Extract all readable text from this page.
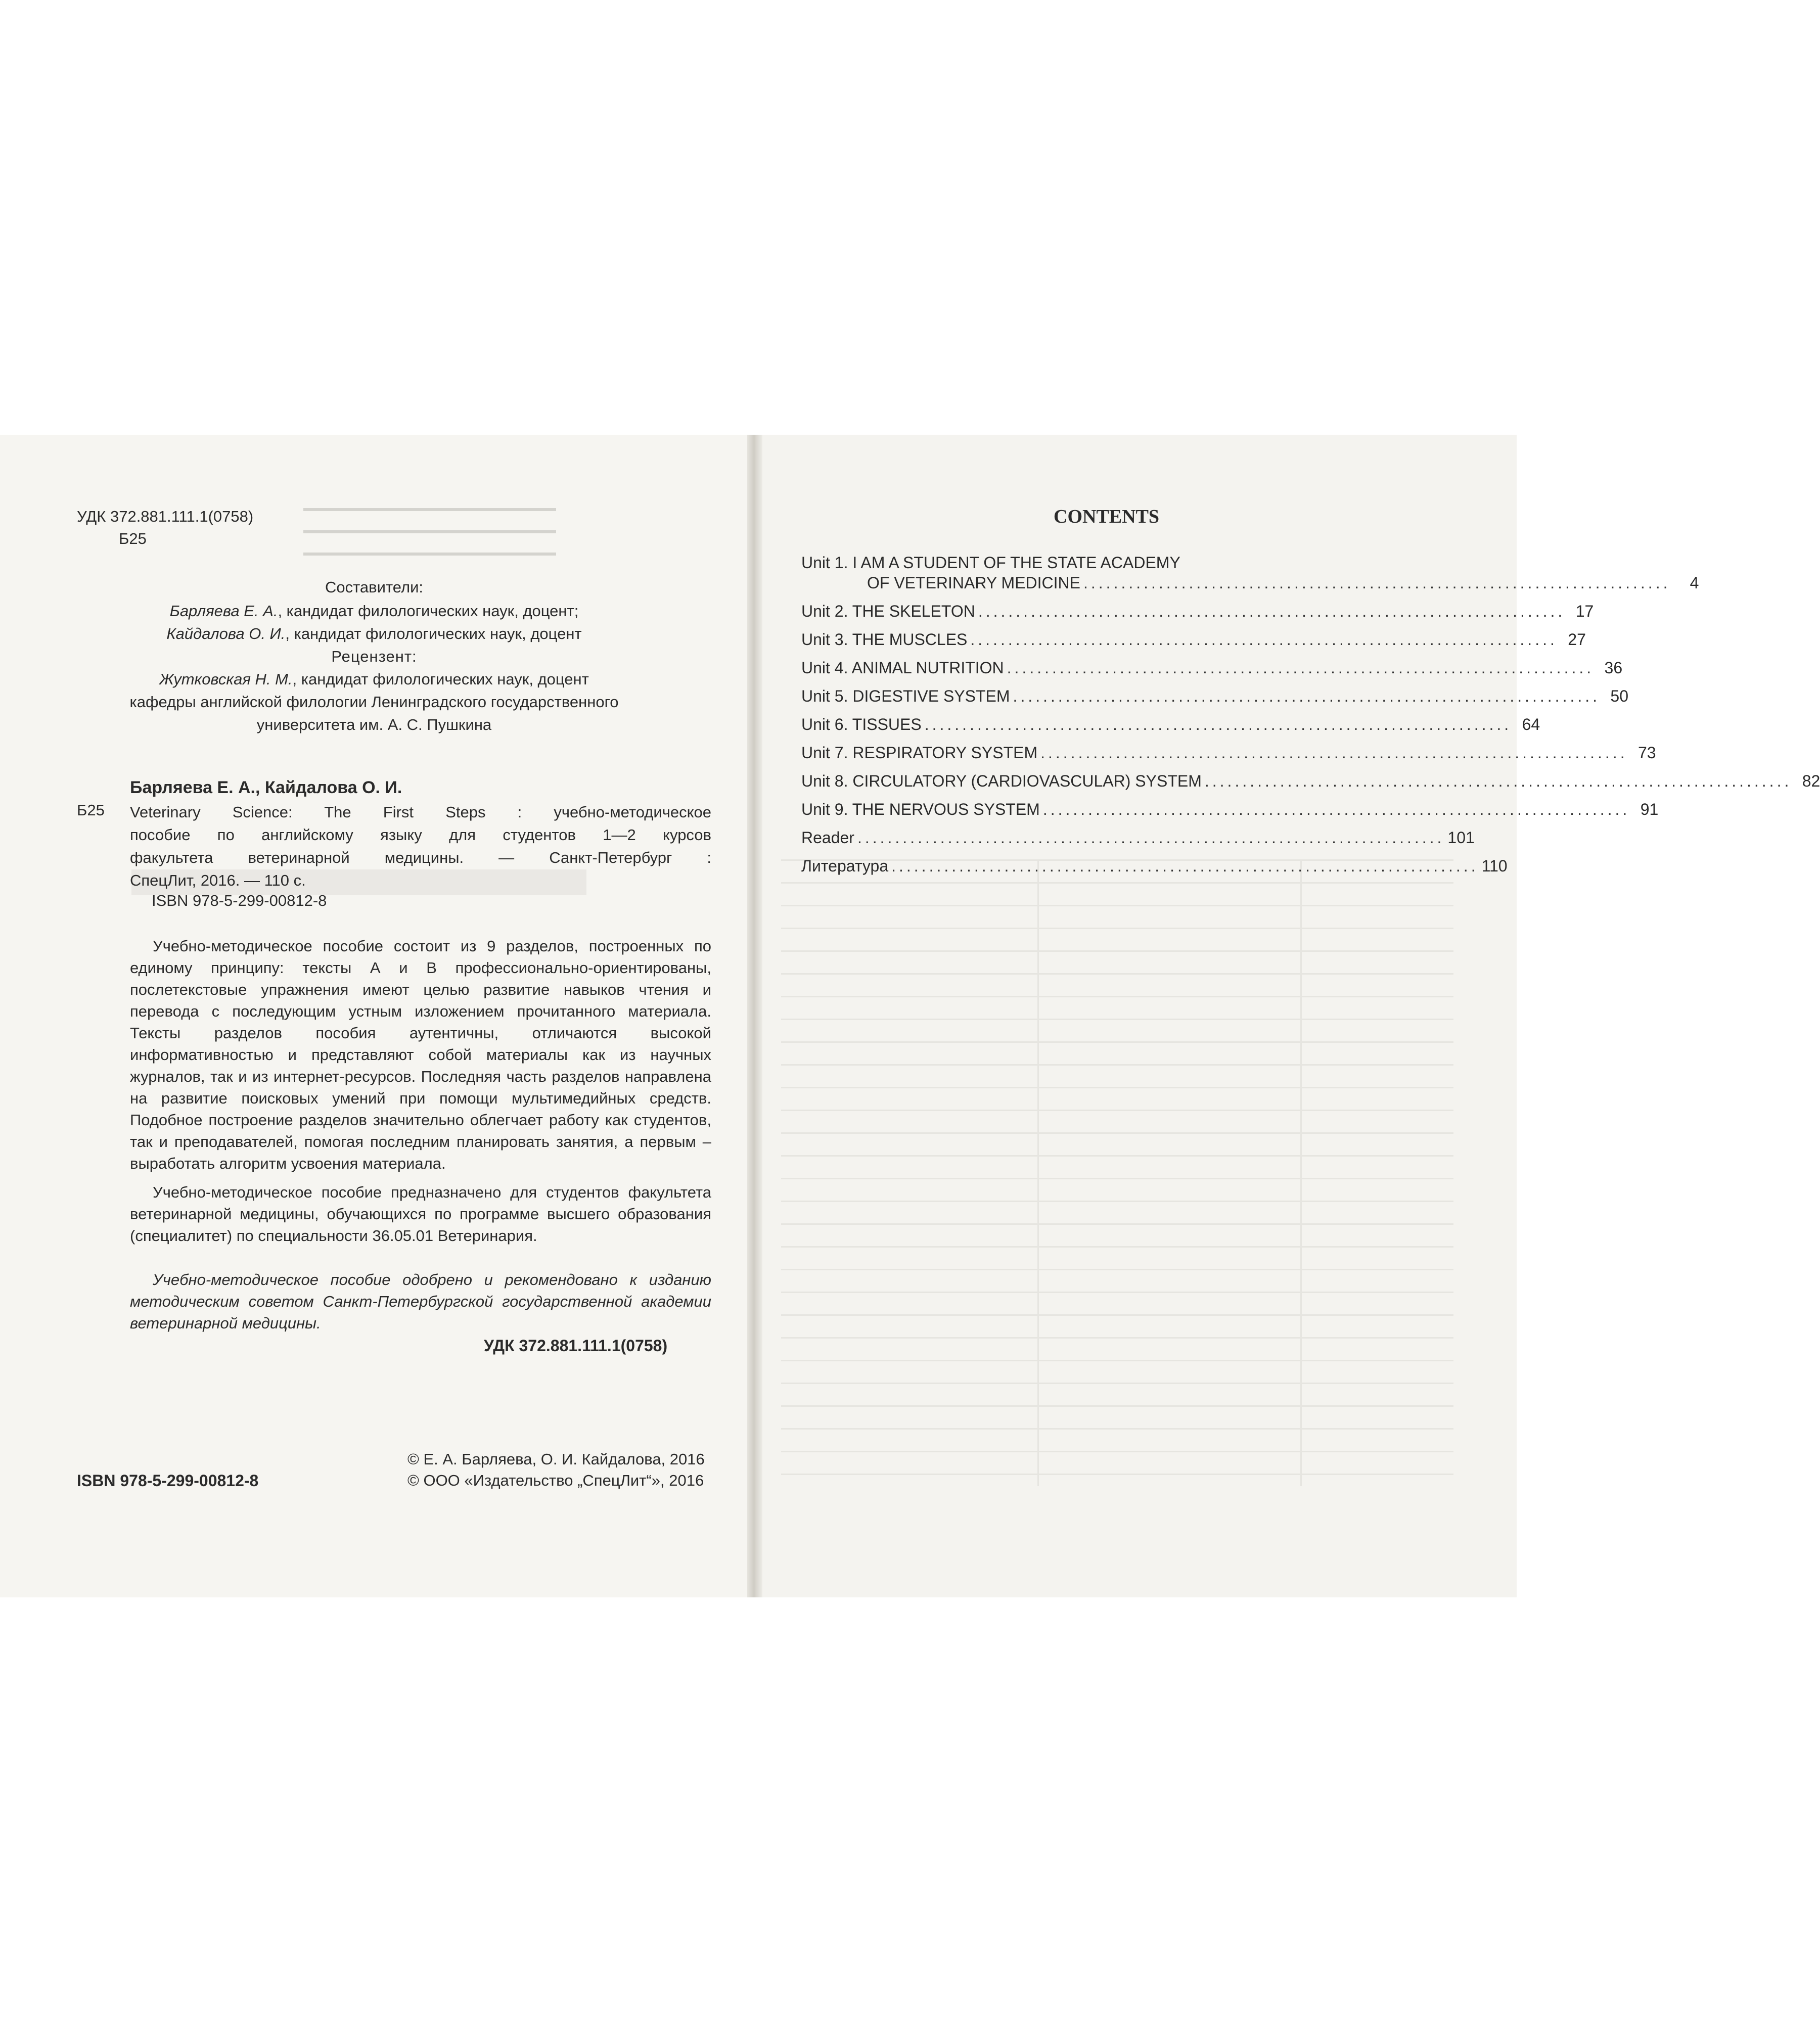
УДК 372.881.111.1(0758)
Б25
Составители:
Барляева Е. А., кандидат филологических наук, доцент;
Кайдалова О. И., кандидат филологических наук, доцент
Рецензент:
Жутковская Н. М., кандидат филологических наук, доцент
кафедры английской филологии Ленинградского государственного
университета им. А. С. Пушкина
Барляева Е. А., Кайдалова О. И.
Б25 Veterinary Science: The First Steps : учебно-методическое

пособие по английскому языку для студентов 1—2 курсов

факультета ветеринарной медицины. — Санкт-Петербург :

СпецЛит, 2016. — 110 с.

ISBN 978-5-299-00812-8

Учебно-методическое пособие состоит из 9 разделов, построенных по единому принципу: тексты А и В профессионально-ориентированы, послетекстовые упражнения имеют целью развитие навыков чтения и перевода с последующим устным изложением прочитанного материала. Тексты разделов пособия аутентичны, отличаются высокой информативностью и представляют собой материалы как из научных журналов, так и из интернет-ресурсов. Последняя часть разделов направлена на развитие поисковых умений при помощи мультимедийных средств. Подобное построение разделов значительно облегчает работу как студентов, так и преподавателей, помогая последним планировать занятия, а первым – выработать алгоритм усвоения материала.

Учебно-методическое пособие предназначено для студентов факультета ветеринарной медицины, обучающихся по программе высшего образования (специалитет) по специальности 36.05.01 Ветеринария.

Учебно-методическое пособие одобрено и рекомендовано к изданию методическим советом Санкт-Петербургской государственной академии ветеринарной медицины.

УДК 372.881.111.1(0758)
ISBN 978-5-299-00812-8
© Е. А. Барляева, О. И. Кайдалова, 2016
© ООО «Издательство „СпецЛит“», 2016
CONTENTS
Unit 1. I AM A STUDENT OF THE STATE ACADEMY
OF VETERINARY MEDICINE ..............................................................................	4
Unit 2. THE SKELETON .............................................................................. 17
Unit 3. THE MUSCLES .............................................................................. 27
Unit 4. ANIMAL NUTRITION .............................................................................. 36
Unit 5. DIGESTIVE SYSTEM .............................................................................. 50
Unit 6. TISSUES .............................................................................. 64
Unit 7. RESPIRATORY SYSTEM .............................................................................. 73
Unit 8. CIRCULATORY (CARDIOVASCULAR) SYSTEM .............................................................................. 82
Unit 9. THE NERVOUS SYSTEM .............................................................................. 91
Reader .............................................................................. 101
Литература .............................................................................. 110
